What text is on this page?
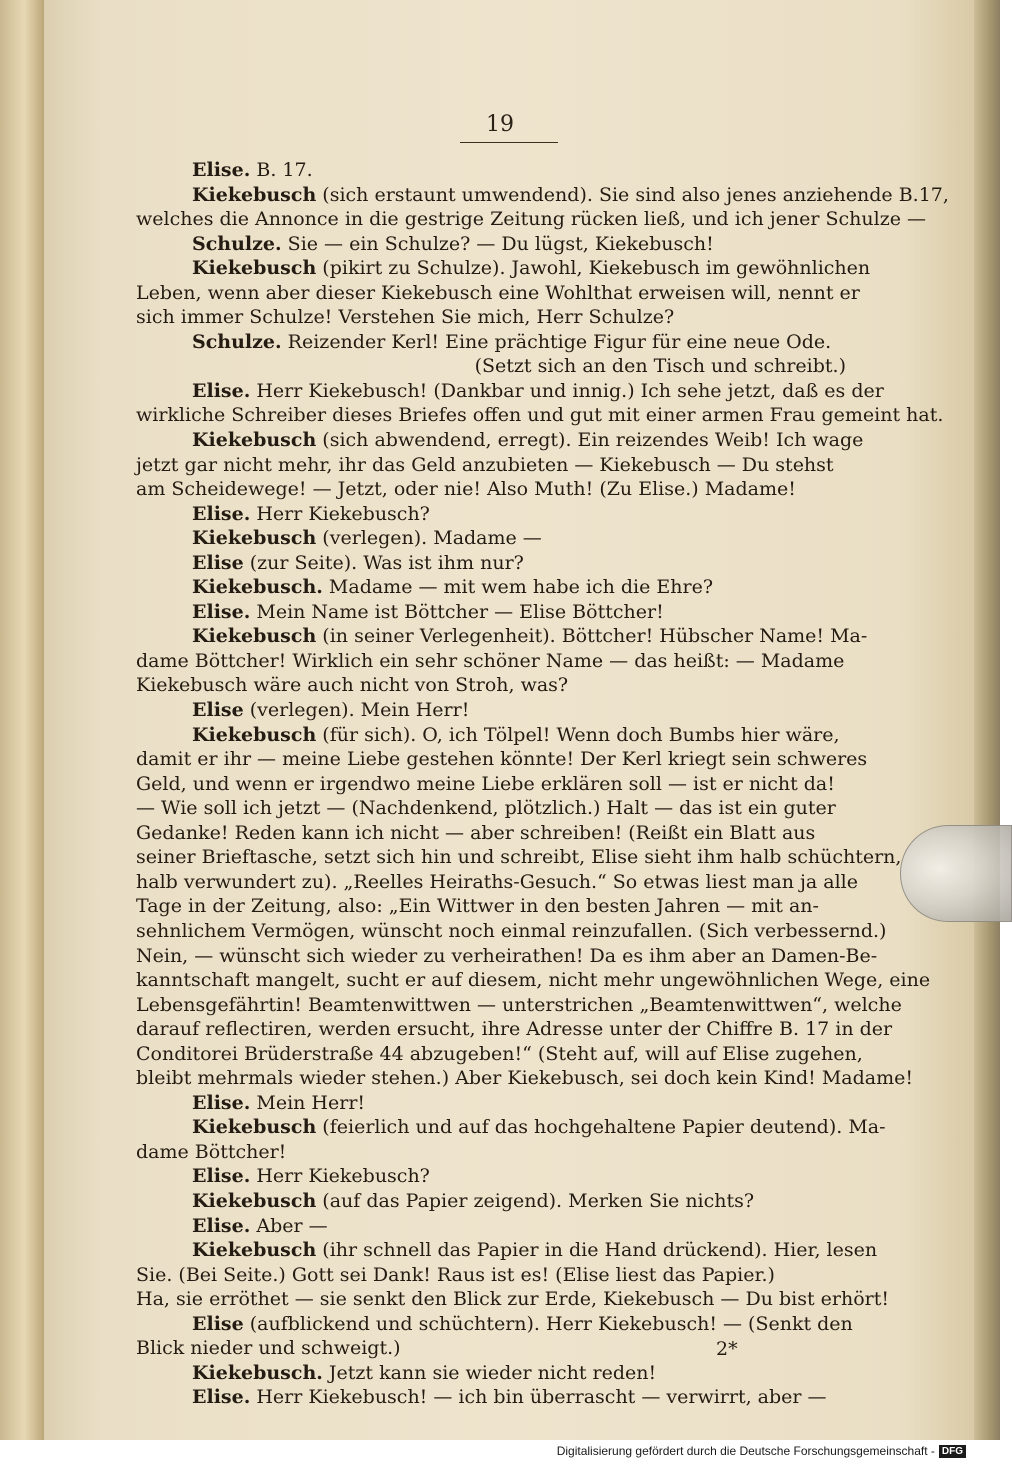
19
Elise. B. 17.
Kiekebusch (sich erstaunt umwendend). Sie sind also jenes anziehende B.17,
welches die Annonce in die gestrige Zeitung rücken ließ, und ich jener Schulze —
Schulze. Sie — ein Schulze? — Du lügst, Kiekebusch!
Kiekebusch (pikirt zu Schulze). Jawohl, Kiekebusch im gewöhnlichen
Leben, wenn aber dieser Kiekebusch eine Wohlthat erweisen will, nennt er
sich immer Schulze! Verstehen Sie mich, Herr Schulze?
Schulze. Reizender Kerl! Eine prächtige Figur für eine neue Ode.
(Setzt sich an den Tisch und schreibt.)
Elise. Herr Kiekebusch! (Dankbar und innig.) Ich sehe jetzt, daß es der
wirkliche Schreiber dieses Briefes offen und gut mit einer armen Frau gemeint hat.
Kiekebusch (sich abwendend, erregt). Ein reizendes Weib! Ich wage
jetzt gar nicht mehr, ihr das Geld anzubieten — Kiekebusch — Du stehst
am Scheidewege! — Jetzt, oder nie! Also Muth! (Zu Elise.) Madame!
Elise. Herr Kiekebusch?
Kiekebusch (verlegen). Madame —
Elise (zur Seite). Was ist ihm nur?
Kiekebusch. Madame — mit wem habe ich die Ehre?
Elise. Mein Name ist Böttcher — Elise Böttcher!
Kiekebusch (in seiner Verlegenheit). Böttcher! Hübscher Name! Ma-
dame Böttcher! Wirklich ein sehr schöner Name — das heißt: — Madame
Kiekebusch wäre auch nicht von Stroh, was?
Elise (verlegen). Mein Herr!
Kiekebusch (für sich). O, ich Tölpel! Wenn doch Bumbs hier wäre,
damit er ihr — meine Liebe gestehen könnte! Der Kerl kriegt sein schweres
Geld, und wenn er irgendwo meine Liebe erklären soll — ist er nicht da!
— Wie soll ich jetzt — (Nachdenkend, plötzlich.) Halt — das ist ein guter
Gedanke! Reden kann ich nicht — aber schreiben! (Reißt ein Blatt aus
seiner Brieftasche, setzt sich hin und schreibt, Elise sieht ihm halb schüchtern,
halb verwundert zu). „Reelles Heiraths-Gesuch.“ So etwas liest man ja alle
Tage in der Zeitung, also: „Ein Wittwer in den besten Jahren — mit an-
sehnlichem Vermögen, wünscht noch einmal reinzufallen. (Sich verbessernd.)
Nein, — wünscht sich wieder zu verheirathen! Da es ihm aber an Damen-Be-
kanntschaft mangelt, sucht er auf diesem, nicht mehr ungewöhnlichen Wege, eine
Lebensgefährtin! Beamtenwittwen — unterstrichen „Beamtenwittwen“, welche
darauf reflectiren, werden ersucht, ihre Adresse unter der Chiffre B. 17 in der
Conditorei Brüderstraße 44 abzugeben!“ (Steht auf, will auf Elise zugehen,
bleibt mehrmals wieder stehen.) Aber Kiekebusch, sei doch kein Kind! Madame!
Elise. Mein Herr!
Kiekebusch (feierlich und auf das hochgehaltene Papier deutend). Ma-
dame Böttcher!
Elise. Herr Kiekebusch?
Kiekebusch (auf das Papier zeigend). Merken Sie nichts?
Elise. Aber —
Kiekebusch (ihr schnell das Papier in die Hand drückend). Hier, lesen
Sie. (Bei Seite.) Gott sei Dank! Raus ist es! (Elise liest das Papier.)
Ha, sie erröthet — sie senkt den Blick zur Erde, Kiekebusch — Du bist erhört!
Elise (aufblickend und schüchtern). Herr Kiekebusch! — (Senkt den
Blick nieder und schweigt.)
Kiekebusch. Jetzt kann sie wieder nicht reden!
Elise. Herr Kiekebusch! — ich bin überrascht — verwirrt, aber —
2*
Digitalisierung gefördert durch die Deutsche Forschungsgemeinschaft - DFG
